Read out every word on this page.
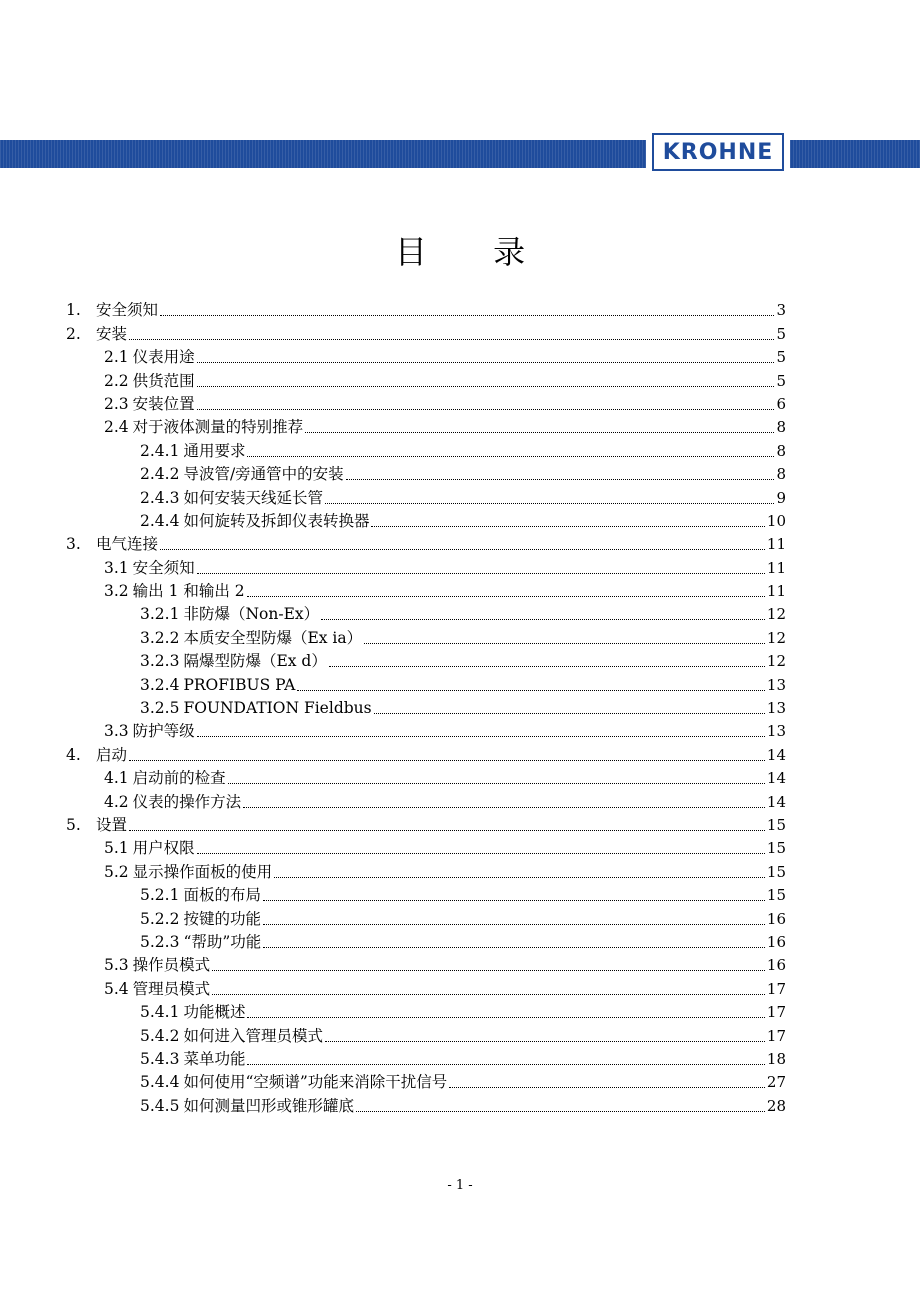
KROHNE
目 录
1. 安全须知	3
2. 安装	5
2.1 仪表用途	5
2.2 供货范围	5
2.3 安装位置	6
2.4 对于液体测量的特别推荐	8
2.4.1 通用要求	8
2.4.2 导波管/旁通管中的安装	8
2.4.3 如何安装天线延长管	9
2.4.4 如何旋转及拆卸仪表转换器	10
3. 电气连接	11
3.1 安全须知	11
3.2 输出 1 和输出 2	11
3.2.1 非防爆（Non-Ex）	12
3.2.2 本质安全型防爆（Ex ia）	12
3.2.3 隔爆型防爆（Ex d）	12
3.2.4 PROFIBUS PA	13
3.2.5 FOUNDATION Fieldbus	13
3.3 防护等级	13
4. 启动	14
4.1 启动前的检查	14
4.2 仪表的操作方法	14
5. 设置	15
5.1 用户权限	15
5.2 显示操作面板的使用	15
5.2.1 面板的布局	15
5.2.2 按键的功能	16
5.2.3 “帮助”功能	16
5.3 操作员模式	16
5.4 管理员模式	17
5.4.1 功能概述	17
5.4.2 如何进入管理员模式	17
5.4.3 菜单功能	18
5.4.4 如何使用“空频谱”功能来消除干扰信号	27
5.4.5 如何测量凹形或锥形罐底	28
- 1 -
